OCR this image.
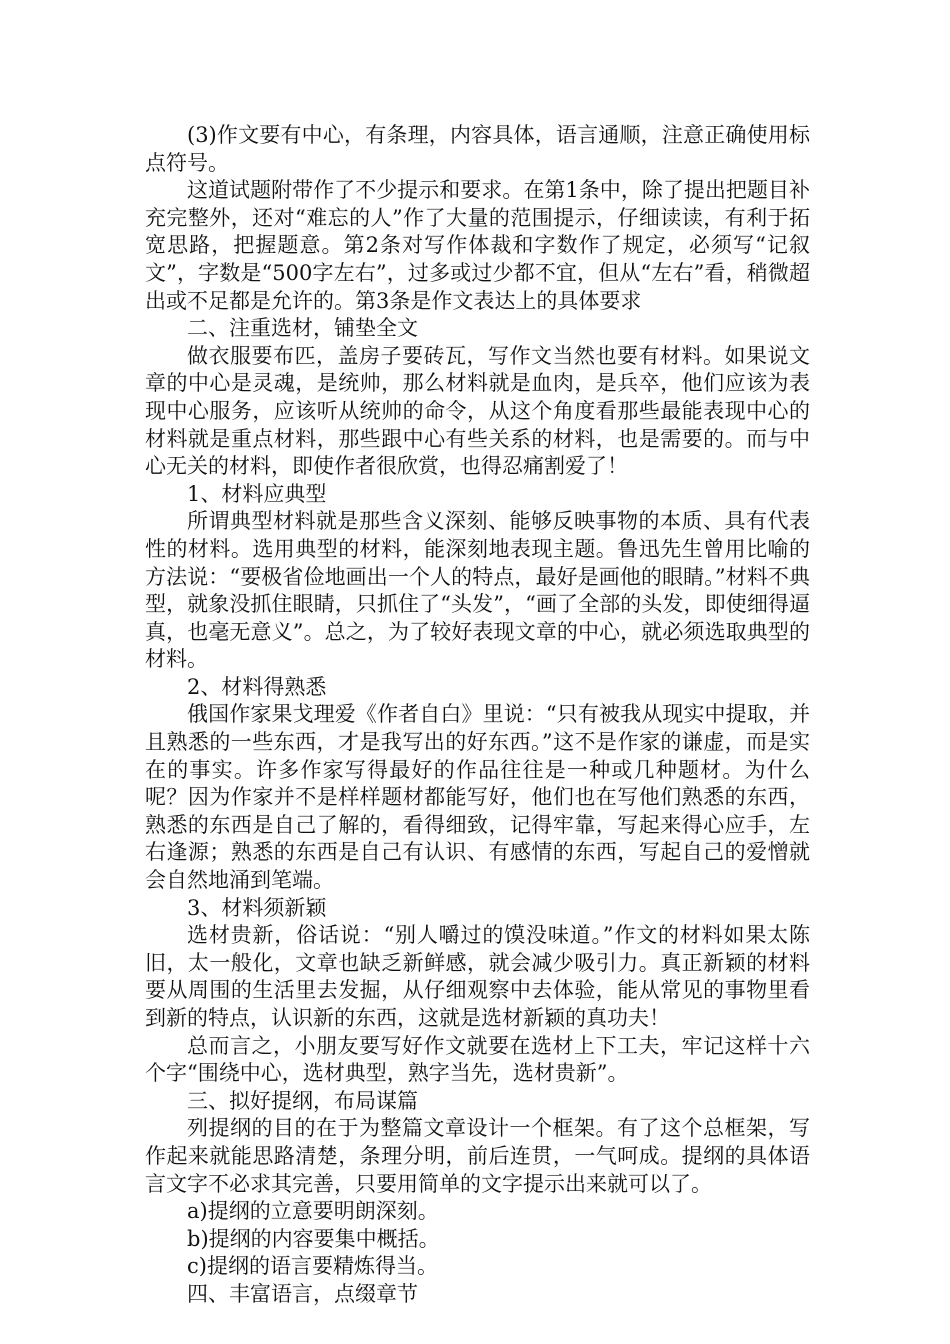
(3)作文要有中心，有条理，内容具体，语言通顺，注意正确使用标点符号。

这道试题附带作了不少提示和要求。在第1条中，除了提出把题目补充完整外，还对“难忘的人”作了大量的范围提示，仔细读读，有利于拓宽思路，把握题意。第2条对写作体裁和字数作了规定，必须写“记叙文”，字数是“500字左右”，过多或过少都不宜，但从“左右”看，稍微超出或不足都是允许的。第3条是作文表达上的具体要求

二、注重选材，铺垫全文

做衣服要布匹，盖房子要砖瓦，写作文当然也要有材料。如果说文章的中心是灵魂，是统帅，那么材料就是血肉，是兵卒，他们应该为表现中心服务，应该听从统帅的命令，从这个角度看那些最能表现中心的材料就是重点材料，那些跟中心有些关系的材料，也是需要的。而与中心无关的材料，即使作者很欣赏，也得忍痛割爱了！

1、材料应典型

所谓典型材料就是那些含义深刻、能够反映事物的本质、具有代表性的材料。选用典型的材料，能深刻地表现主题。鲁迅先生曾用比喻的方法说：“要极省俭地画出一个人的特点，最好是画他的眼睛。”材料不典型，就象没抓住眼睛，只抓住了“头发”，“画了全部的头发，即使细得逼真，也毫无意义”。总之，为了较好表现文章的中心，就必须选取典型的材料。

2、材料得熟悉

俄国作家果戈理爱《作者自白》里说：“只有被我从现实中提取，并且熟悉的一些东西，才是我写出的好东西。”这不是作家的谦虚，而是实在的事实。许多作家写得最好的作品往往是一种或几种题材。为什么呢？因为作家并不是样样题材都能写好，他们也在写他们熟悉的东西，熟悉的东西是自己了解的，看得细致，记得牢靠，写起来得心应手，左右逢源；熟悉的东西是自己有认识、有感情的东西，写起自己的爱憎就会自然地涌到笔端。

3、材料须新颖

选材贵新，俗话说：“别人嚼过的馍没味道。”作文的材料如果太陈旧，太一般化，文章也缺乏新鲜感，就会减少吸引力。真正新颖的材料要从周围的生活里去发掘，从仔细观察中去体验，能从常见的事物里看到新的特点，认识新的东西，这就是选材新颖的真功夫！

总而言之，小朋友要写好作文就要在选材上下工夫，牢记这样十六个字“围绕中心，选材典型，熟字当先，选材贵新”。

三、拟好提纲，布局谋篇

列提纲的目的在于为整篇文章设计一个框架。有了这个总框架，写作起来就能思路清楚，条理分明，前后连贯，一气呵成。提纲的具体语言文字不必求其完善，只要用简单的文字提示出来就可以了。

a)提纲的立意要明朗深刻。

b)提纲的内容要集中概括。

c)提纲的语言要精炼得当。

四、丰富语言，点缀章节
